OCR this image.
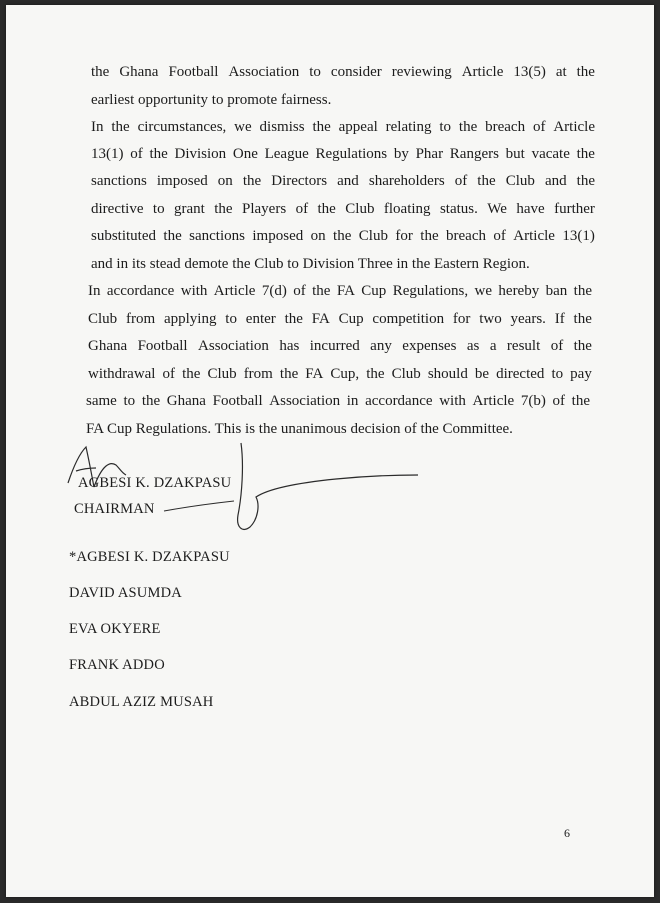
the Ghana Football Association to consider reviewing Article 13(5) at the
earliest opportunity to promote fairness.
In the circumstances, we dismiss the appeal relating to the breach of Article
13(1) of the Division One League Regulations by Phar Rangers but vacate the
sanctions imposed on the Directors and shareholders of the Club and the
directive to grant the Players of the Club floating status. We have further
substituted the sanctions imposed on the Club for the breach of Article 13(1)
and in its stead demote the Club to Division Three in the Eastern Region.
In accordance with Article 7(d) of the FA Cup Regulations, we hereby ban the
Club from applying to enter the FA Cup competition for two years. If the
Ghana Football Association has incurred any expenses as a result of the
withdrawal of the Club from the FA Cup, the Club should be directed to pay
same to the Ghana Football Association in accordance with Article 7(b) of the
FA Cup Regulations. This is the unanimous decision of the Committee.
AGBESI K. DZAKPASU
CHAIRMAN
*AGBESI K. DZAKPASU
DAVID ASUMDA
EVA OKYERE
FRANK ADDO
ABDUL AZIZ MUSAH
6
